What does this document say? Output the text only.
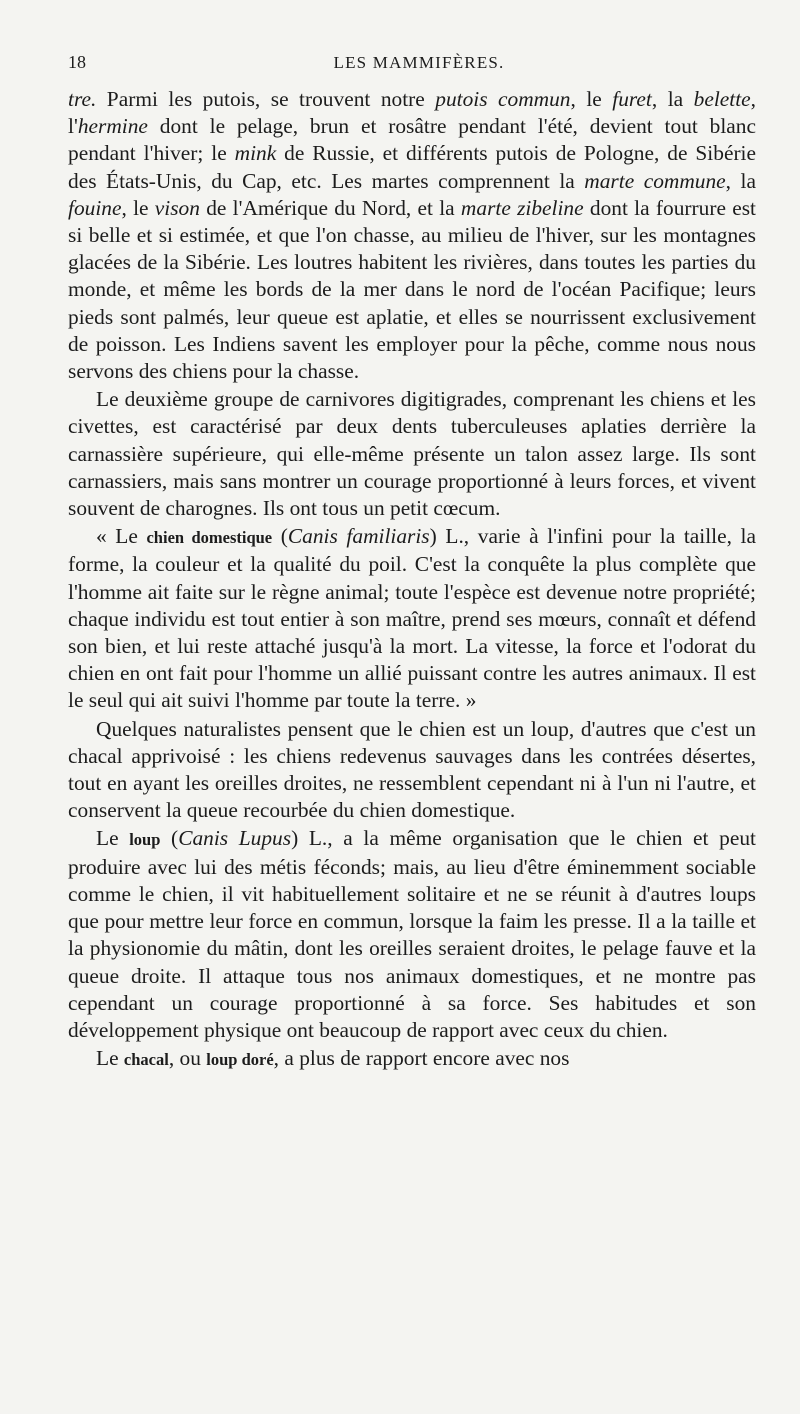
18	LES MAMMIFÈRES.

tre. Parmi les putois, se trouvent notre putois commun, le furet, la belette, l'hermine dont le pelage, brun et rosâtre pendant l'été, devient tout blanc pendant l'hiver; le mink de Russie, et différents putois de Pologne, de Sibérie des États-Unis, du Cap, etc. Les martes comprennent la marte commune, la fouine, le vison de l'Amérique du Nord, et la marte zibeline dont la fourrure est si belle et si estimée, et que l'on chasse, au milieu de l'hiver, sur les montagnes glacées de la Sibérie. Les loutres habitent les rivières, dans toutes les parties du monde, et même les bords de la mer dans le nord de l'océan Pacifique; leurs pieds sont palmés, leur queue est aplatie, et elles se nourrissent exclusivement de poisson. Les Indiens savent les employer pour la pêche, comme nous nous servons des chiens pour la chasse.

Le deuxième groupe de carnivores digitigrades, comprenant les chiens et les civettes, est caractérisé par deux dents tuberculeuses aplaties derrière la carnassière supérieure, qui elle-même présente un talon assez large. Ils sont carnassiers, mais sans montrer un courage proportionné à leurs forces, et vivent souvent de charognes. Ils ont tous un petit cœcum.

« Le chien domestique (Canis familiaris) L., varie à l'infini pour la taille, la forme, la couleur et la qualité du poil. C'est la conquête la plus complète que l'homme ait faite sur le règne animal; toute l'espèce est devenue notre propriété; chaque individu est tout entier à son maître, prend ses mœurs, connaît et défend son bien, et lui reste attaché jusqu'à la mort. La vitesse, la force et l'odorat du chien en ont fait pour l'homme un allié puissant contre les autres animaux. Il est le seul qui ait suivi l'homme par toute la terre. »

Quelques naturalistes pensent que le chien est un loup, d'autres que c'est un chacal apprivoisé : les chiens redevenus sauvages dans les contrées désertes, tout en ayant les oreilles droites, ne ressemblent cependant ni à l'un ni l'autre, et conservent la queue recourbée du chien domestique.

Le loup (Canis Lupus) L., a la même organisation que le chien et peut produire avec lui des métis féconds; mais, au lieu d'être éminemment sociable comme le chien, il vit habituellement solitaire et ne se réunit à d'autres loups que pour mettre leur force en commun, lorsque la faim les presse. Il a la taille et la physionomie du mâtin, dont les oreilles seraient droites, le pelage fauve et la queue droite. Il attaque tous nos animaux domestiques, et ne montre pas cependant un courage proportionné à sa force. Ses habitudes et son développement physique ont beaucoup de rapport avec ceux du chien.

Le chacal, ou loup doré, a plus de rapport encore avec nos
